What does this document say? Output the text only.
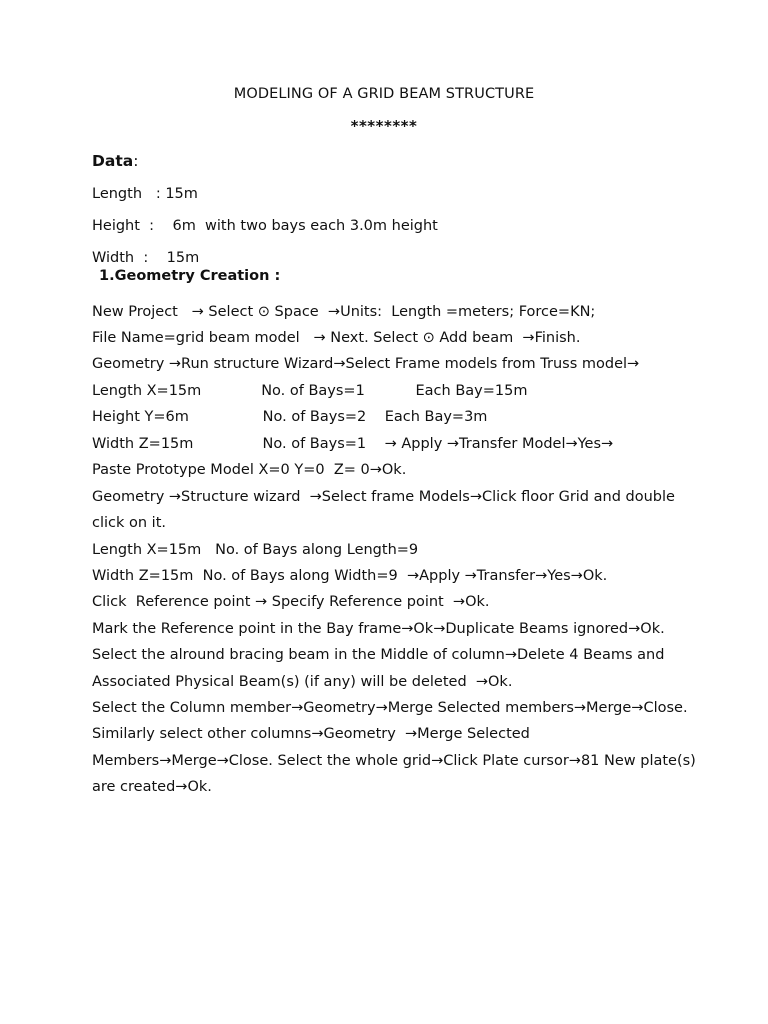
MODELING OF A GRID BEAM STRUCTURE
********
Data:
Length   : 15m
Height  :    6m  with two bays each 3.0m height
Width  :    15m
1.Geometry Creation :
New Project   → Select ⊙ Space  →Units:  Length =meters; Force=KN;
File Name=grid beam model   → Next. Select ⊙ Add beam  →Finish.
Geometry →Run structure Wizard→Select Frame models from Truss model→
Length X=15m             No. of Bays=1           Each Bay=15m
Height Y=6m                No. of Bays=2    Each Bay=3m
Width Z=15m               No. of Bays=1    → Apply →Transfer Model→Yes→
Paste Prototype Model X=0 Y=0  Z= 0→Ok.
Geometry →Structure wizard  →Select frame Models→Click floor Grid and double
click on it.
Length X=15m   No. of Bays along Length=9
Width Z=15m  No. of Bays along Width=9  →Apply →Transfer→Yes→Ok.
Click  Reference point → Specify Reference point  →Ok.
Mark the Reference point in the Bay frame→Ok→Duplicate Beams ignored→Ok.
Select the alround bracing beam in the Middle of column→Delete 4 Beams and
Associated Physical Beam(s) (if any) will be deleted  →Ok.
Select the Column member→Geometry→Merge Selected members→Merge→Close.
Similarly select other columns→Geometry  →Merge Selected
Members→Merge→Close. Select the whole grid→Click Plate cursor→81 New plate(s)
are created→Ok.
